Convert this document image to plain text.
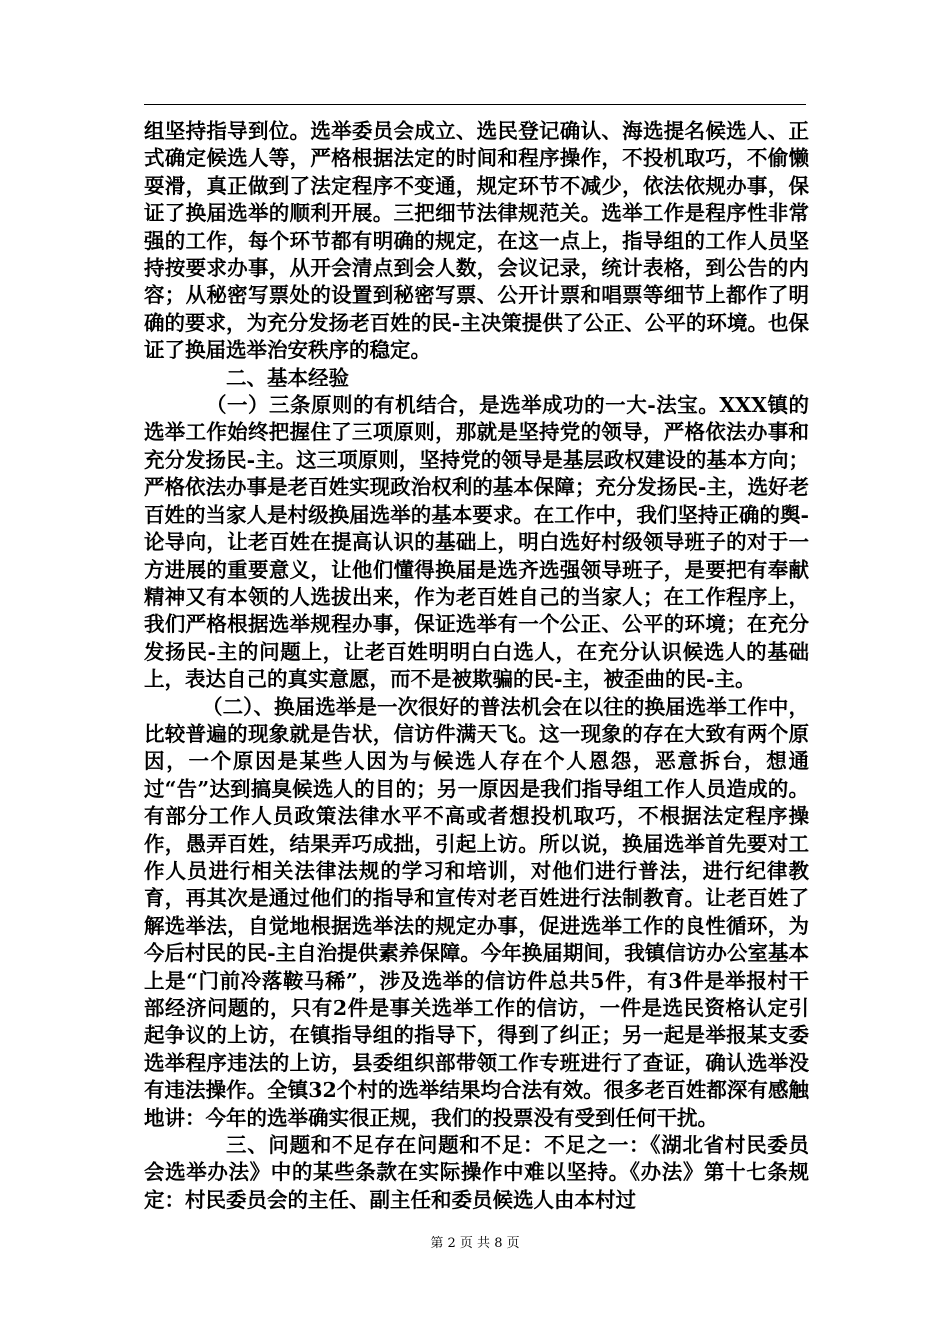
组坚持指导到位。选举委员会成立、选民登记确认、海选提名候选人、正式确定候选人等，严格根据法定的时间和程序操作，不投机取巧，不偷懒耍滑，真正做到了法定程序不变通，规定环节不减少，依法依规办事，保证了换届选举的顺利开展。三把细节法律规范关。选举工作是程序性非常强的工作，每个环节都有明确的规定，在这一点上，指导组的工作人员坚持按要求办事，从开会清点到会人数，会议记录，统计表格，到公告的内容；从秘密写票处的设置到秘密写票、公开计票和唱票等细节上都作了明确的要求，为充分发扬老百姓的民-主决策提供了公正、公平的环境。也保证了换届选举治安秩序的稳定。

二、基本经验

（一）三条原则的有机结合，是选举成功的一大-法宝。XXX镇的选举工作始终把握住了三项原则，那就是坚持党的领导，严格依法办事和充分发扬民-主。这三项原则，坚持党的领导是基层政权建设的基本方向；严格依法办事是老百姓实现政治权利的基本保障；充分发扬民-主，选好老百姓的当家人是村级换届选举的基本要求。在工作中，我们坚持正确的舆-论导向，让老百姓在提高认识的基础上，明白选好村级领导班子的对于一方进展的重要意义，让他们懂得换届是选齐选强领导班子，是要把有奉献精神又有本领的人选拔出来，作为老百姓自己的当家人；在工作程序上，我们严格根据选举规程办事，保证选举有一个公正、公平的环境；在充分发扬民-主的问题上，让老百姓明明白白选人，在充分认识候选人的基础上，表达自己的真实意愿，而不是被欺骗的民-主，被歪曲的民-主。

（二）、换届选举是一次很好的普法机会在以往的换届选举工作中，比较普遍的现象就是告状，信访件满天飞。这一现象的存在大致有两个原因，一个原因是某些人因为与候选人存在个人恩怨，恶意拆台，想通过“告”达到搞臭候选人的目的；另一原因是我们指导组工作人员造成的。有部分工作人员政策法律水平不高或者想投机取巧，不根据法定程序操作，愚弄百姓，结果弄巧成拙，引起上访。所以说，换届选举首先要对工作人员进行相关法律法规的学习和培训，对他们进行普法，进行纪律教育，再其次是通过他们的指导和宣传对老百姓进行法制教育。让老百姓了解选举法，自觉地根据选举法的规定办事，促进选举工作的良性循环，为今后村民的民-主自治提供素养保障。今年换届期间，我镇信访办公室基本上是“门前冷落鞍马稀”，涉及选举的信访件总共5件，有3件是举报村干部经济问题的，只有2件是事关选举工作的信访，一件是选民资格认定引起争议的上访，在镇指导组的指导下，得到了纠正；另一起是举报某支委选举程序违法的上访，县委组织部带领工作专班进行了查证，确认选举没有违法操作。全镇32个村的选举结果均合法有效。很多老百姓都深有感触地讲：今年的选举确实很正规，我们的投票没有受到任何干扰。

三、问题和不足存在问题和不足：不足之一：《湖北省村民委员会选举办法》中的某些条款在实际操作中难以坚持。《办法》第十七条规定：村民委员会的主任、副主任和委员候选人由本村过

第 2 页 共 8 页
